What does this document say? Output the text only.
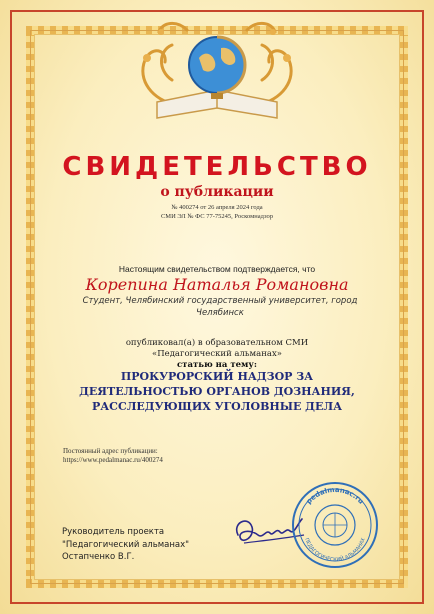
СВИДЕТЕЛЬСТВО
о публикации
№ 400274 от 26 апреля 2024 года
СМИ ЭЛ № ФС 77-75245, Роскомнадзор
Настоящим свидетельством подтверждается, что
Корепина Наталья Романовна
Студент, Челябинский государственный университет, город Челябинск
опубликовал(а) в образовательном СМИ
«Педагогический альманах»
статью на тему:
ПРОКУРОРСКИЙ НАДЗОР ЗА ДЕЯТЕЛЬНОСТЬЮ ОРГАНОВ ДОЗНАНИЯ, РАССЛЕДУЮЩИХ УГОЛОВНЫЕ ДЕЛА
Постоянный адрес публикации:
https://www.pedalmanac.ru/400274
Руководитель проекта
"Педагогический альманах"
Остапченко В.Г.
pedalmanac.ru
ПЕДАГОГИЧЕСКИЙ АЛЬМАНАХ
